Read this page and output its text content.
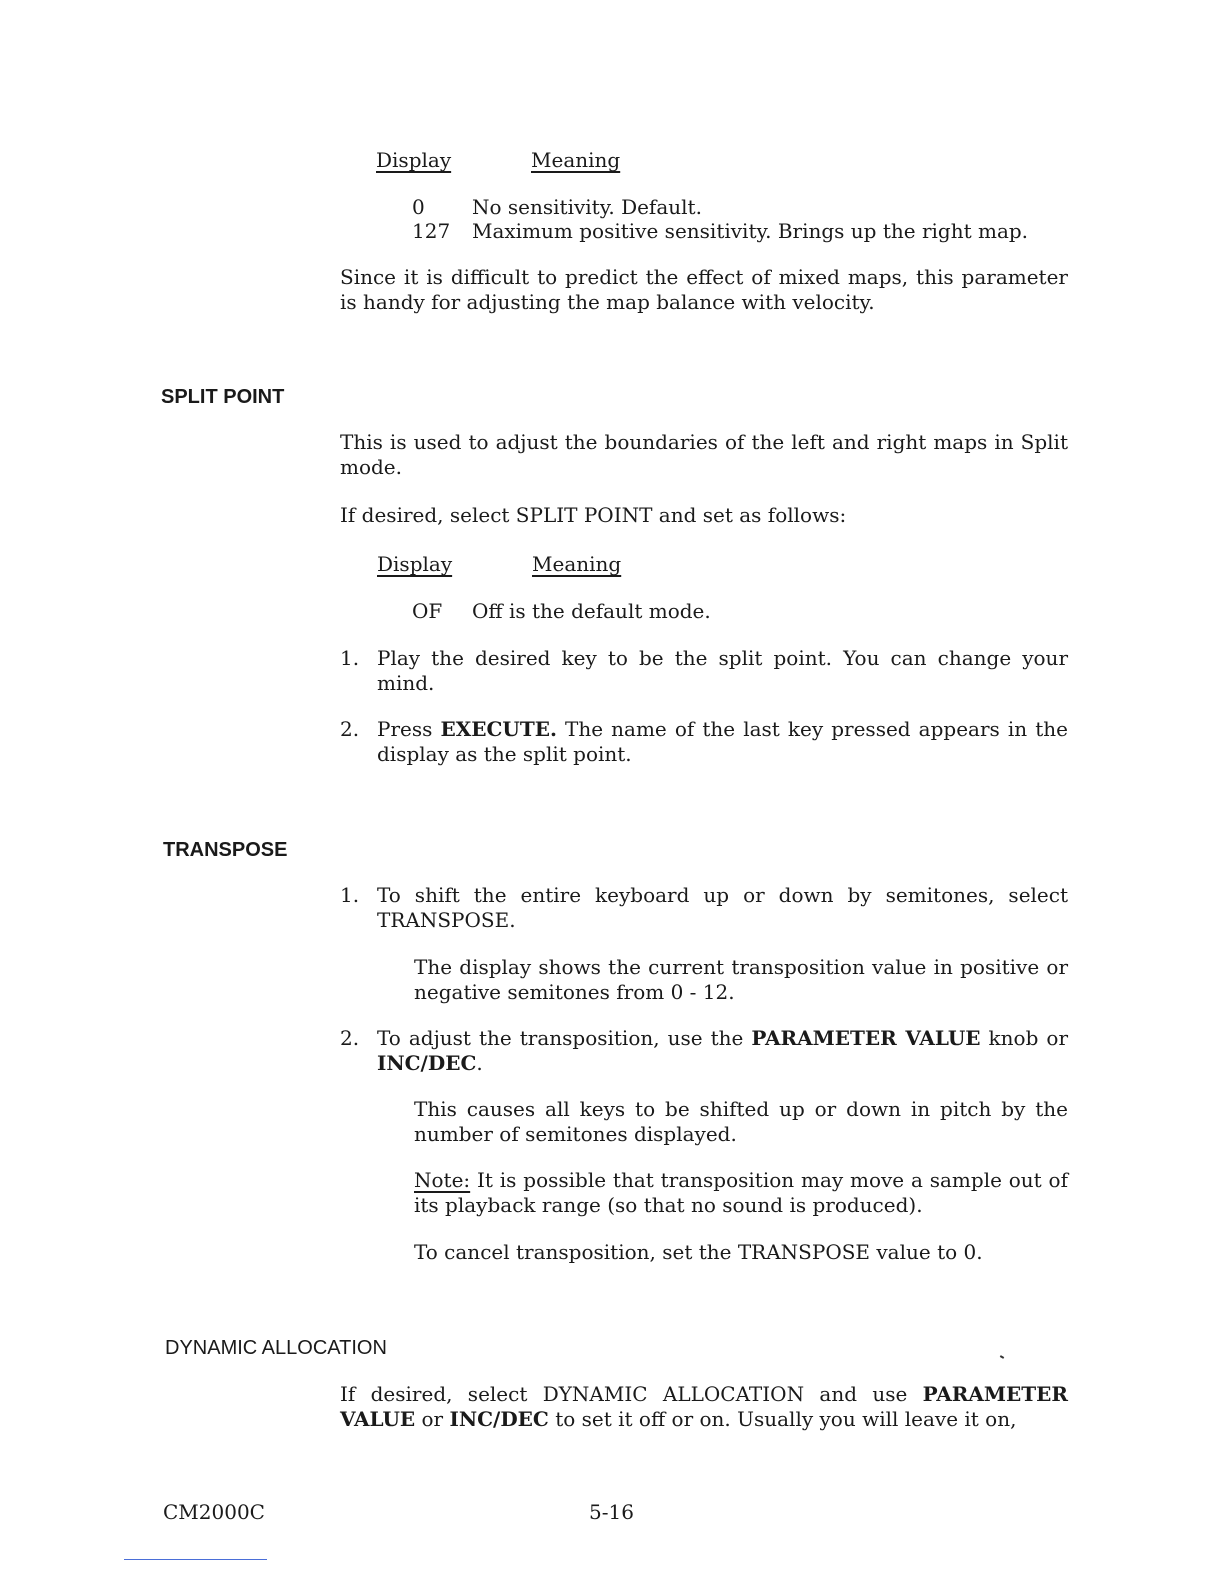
Display	Meaning
0 No sensitivity. Default.
127 Maximum positive sensitivity. Brings up the right map.
Since it is difficult to predict the effect of mixed maps, this parameter is handy for adjusting the map balance with velocity.
SPLIT POINT
This is used to adjust the boundaries of the left and right maps in Split mode.
If desired, select SPLIT POINT and set as follows:
Display	Meaning
OF Off is the default mode.
1. Play the desired key to be the split point. You can change your mind.
2. Press EXECUTE. The name of the last key pressed appears in the display as the split point.
TRANSPOSE
1. To shift the entire keyboard up or down by semitones, select TRANSPOSE.
The display shows the current transposition value in positive or negative semitones from 0 - 12.
2. To adjust the transposition, use the PARAMETER VALUE knob or INC/DEC.
This causes all keys to be shifted up or down in pitch by the number of semitones displayed.
Note: It is possible that transposition may move a sample out of its playback range (so that no sound is produced).
To cancel transposition, set the TRANSPOSE value to 0.
DYNAMIC ALLOCATION
If desired, select DYNAMIC ALLOCATION and use PARAMETER VALUE or INC/DEC to set it off or on. Usually you will leave it on,
CM2000C	5-16
